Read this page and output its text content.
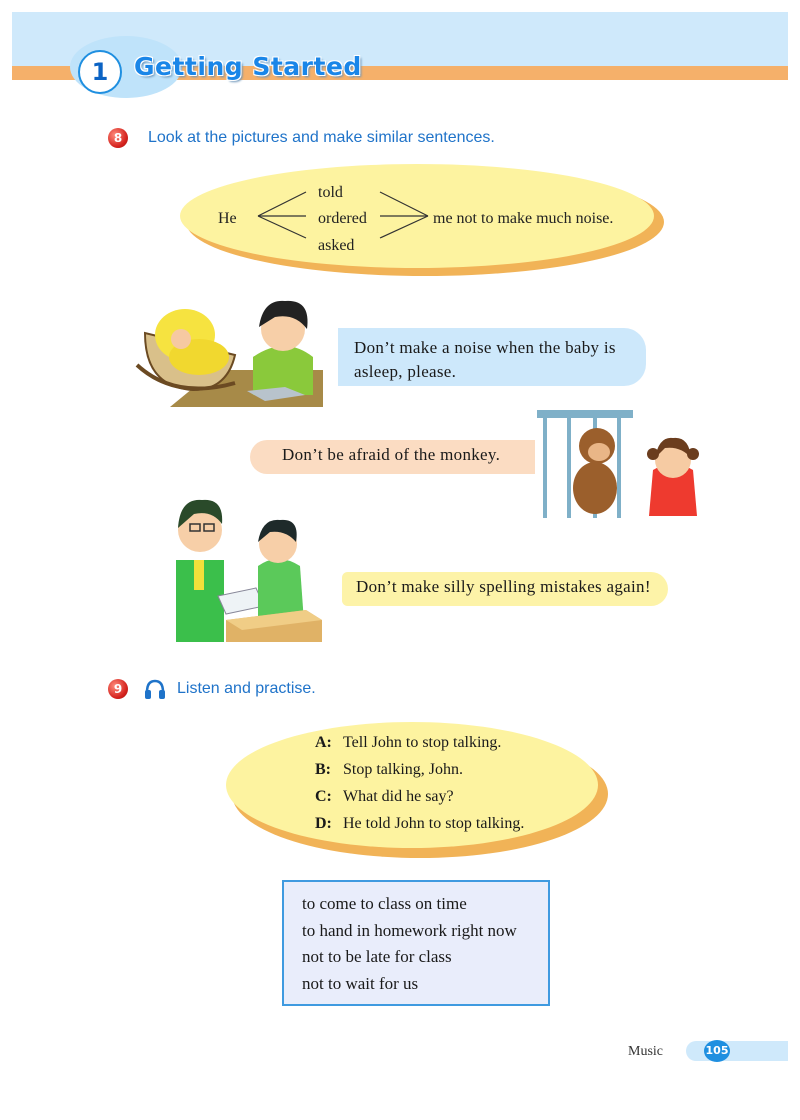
1	Getting Started
8	Look at the pictures and make similar sentences.
He
told
ordered
asked
me not to make much noise.
Don’t make a noise when the baby is asleep, please.
Don’t be afraid of the monkey.
Don’t make silly spelling mistakes again!
9	Listen and practise.
A: Tell John to stop talking.
B: Stop talking, John.
C: What did he say?
D: He told John to stop talking.
to come to class on time
to hand in homework right now
not to be late for class
not to wait for us
Music	105
